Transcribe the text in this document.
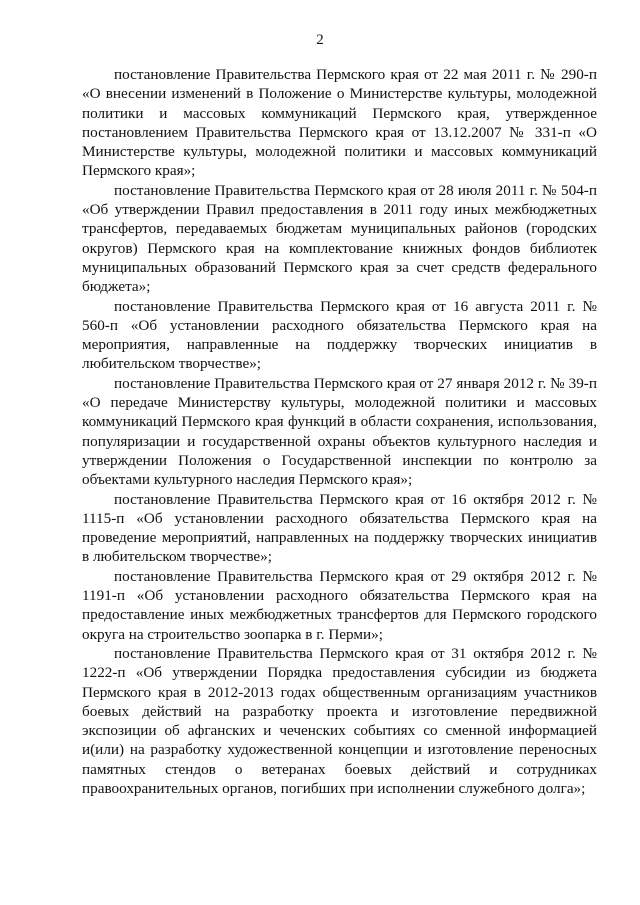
2

постановление Правительства Пермского края от 22 мая 2011 г. № 290-п «О внесении изменений в Положение о Министерстве культуры, молодежной политики и массовых коммуникаций Пермского края, утвержденное постановлением Правительства Пермского края от 13.12.2007 № 331-п «О Министерстве культуры, молодежной политики и массовых коммуникаций Пермского края»;

постановление Правительства Пермского края от 28 июля 2011 г. № 504-п «Об утверждении Правил предоставления в 2011 году иных межбюджетных трансфертов, передаваемых бюджетам муниципальных районов (городских округов) Пермского края на комплектование книжных фондов библиотек муниципальных образований Пермского края за счет средств федерального бюджета»;

постановление Правительства Пермского края от 16 августа 2011 г. № 560-п «Об установлении расходного обязательства Пермского края на мероприятия, направленные на поддержку творческих инициатив в любительском творчестве»;

постановление Правительства Пермского края от 27 января 2012 г. № 39-п «О передаче Министерству культуры, молодежной политики и массовых коммуникаций Пермского края функций в области сохранения, использования, популяризации и государственной охраны объектов культурного наследия и утверждении Положения о Государственной инспекции по контролю за объектами культурного наследия Пермского края»;

постановление Правительства Пермского края от 16 октября 2012 г. № 1115-п «Об установлении расходного обязательства Пермского края на проведение мероприятий, направленных на поддержку творческих инициатив в любительском творчестве»;

постановление Правительства Пермского края от 29 октября 2012 г. № 1191-п «Об установлении расходного обязательства Пермского края на предоставление иных межбюджетных трансфертов для Пермского городского округа на строительство зоопарка в г. Перми»;

постановление Правительства Пермского края от 31 октября 2012 г. № 1222-п «Об утверждении Порядка предоставления субсидии из бюджета Пермского края в 2012-2013 годах общественным организациям участников боевых действий на разработку проекта и изготовление передвижной экспозиции об афганских и чеченских событиях со сменной информацией и(или) на разработку художественной концепции и изготовление переносных памятных стендов о ветеранах боевых действий и сотрудниках правоохранительных органов, погибших при исполнении служебного долга»;
